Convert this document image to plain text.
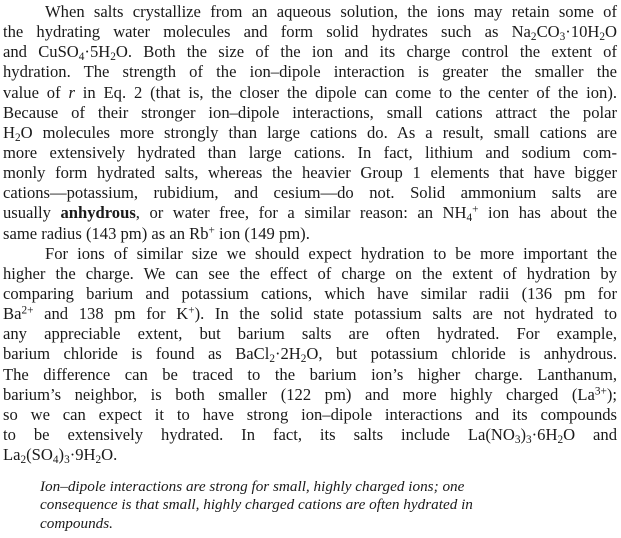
When salts crystallize from an aqueous solution, the ions may retain some of
the hydrating water molecules and form solid hydrates such as $Na_2CO_3\cdot 10H_2O$
and $CuSO_4\cdot 5H_2O$. Both the size of the ion and its charge control the extent of
hydration. The strength of the ion–dipole interaction is greater the smaller the
value of r in Eq. 2 (that is, the closer the dipole can come to the center of the ion).
Because of their stronger ion–dipole interactions, small cations attract the polar
$H_2O$ molecules more strongly than large cations do. As a result, small cations are
more extensively hydrated than large cations. In fact, lithium and sodium com-
monly form hydrated salts, whereas the heavier Group 1 elements that have bigger
cations—potassium, rubidium, and cesium—do not. Solid ammonium salts are
usually anhydrous, or water free, for a similar reason: an $NH_4^+$ ion has about the
same radius (143 pm) as an Rb+ ion (149 pm).
For ions of similar size we should expect hydration to be more important the
higher the charge. We can see the effect of charge on the extent of hydration by
comparing barium and potassium cations, which have similar radii (136 pm for
$Ba^{2+}$ and 138 pm for K+). In the solid state potassium salts are not hydrated to
any appreciable extent, but barium salts are often hydrated. For example,
barium chloride is found as $BaCl_2\cdot 2H_2O$, but potassium chloride is anhydrous.
The difference can be traced to the barium ion’s higher charge. Lanthanum,
barium’s neighbor, is both smaller (122 pm) and more highly charged $(La^{3+})$;
so we can expect it to have strong ion–dipole interactions and its compounds
to be extensively hydrated. In fact, its salts include $La(NO_3)_3\cdot 6H_2O$ and
$La_2(SO_4)_3\cdot 9H_2O$.
Ion–dipole interactions are strong for small, highly charged ions; one
consequence is that small, highly charged cations are often hydrated in
compounds.
